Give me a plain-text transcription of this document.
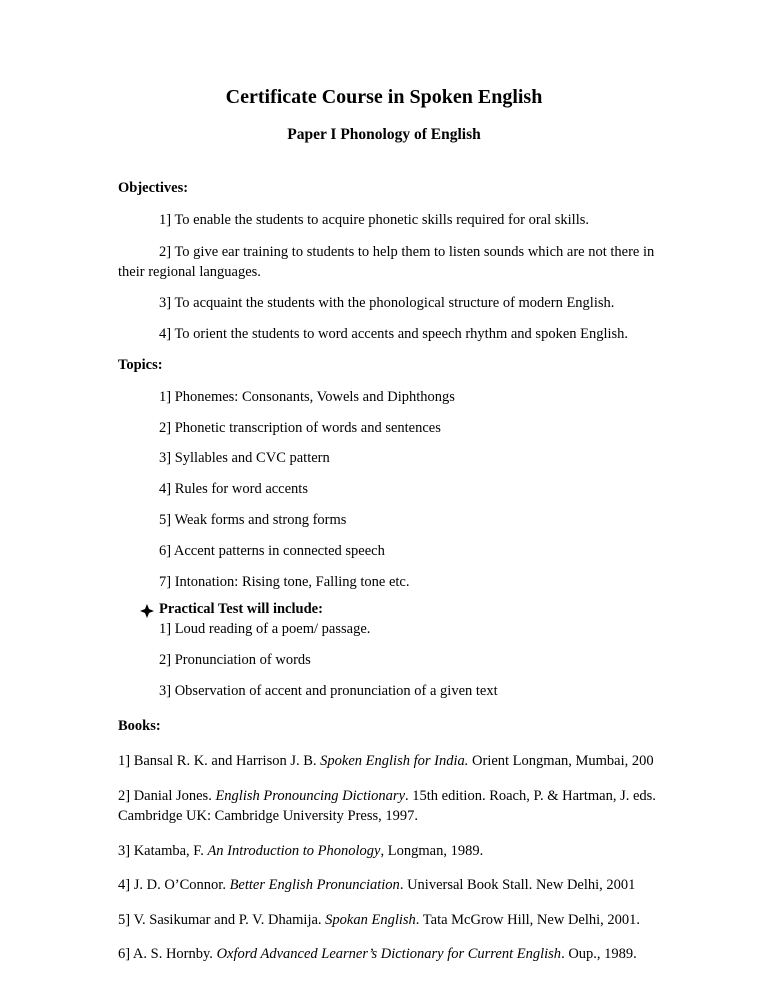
Certificate Course in Spoken English
Paper I Phonology of English
Objectives:
1] To enable the students to acquire phonetic skills required for oral skills.
2] To give ear training to students to help them to listen sounds which are not there in
their regional languages.
3] To acquaint the students with the phonological structure of modern English.
4] To orient the students to word accents and speech rhythm and spoken English.
Topics:
1] Phonemes: Consonants, Vowels and Diphthongs
2] Phonetic transcription of words and sentences
3] Syllables and CVC pattern
4] Rules for word accents
5] Weak forms and strong forms
6] Accent patterns in connected speech
7] Intonation: Rising tone, Falling tone etc.
Practical Test will include:
1] Loud reading of a poem/ passage.
2] Pronunciation of words
3] Observation of accent and pronunciation of a given text
Books:
1] Bansal R. K. and Harrison J. B. Spoken English for India. Orient Longman, Mumbai, 200
2] Danial Jones. English Pronouncing Dictionary. 15th edition. Roach, P. & Hartman, J. eds.
Cambridge UK: Cambridge University Press, 1997.
3] Katamba, F. An Introduction to Phonology, Longman, 1989.
4] J. D. O’Connor. Better English Pronunciation. Universal Book Stall. New Delhi, 2001
5] V. Sasikumar and P. V. Dhamija. Spokan English. Tata McGrow Hill, New Delhi, 2001.
6] A. S. Hornby. Oxford Advanced Learner’s Dictionary for Current English. Oup., 1989.
